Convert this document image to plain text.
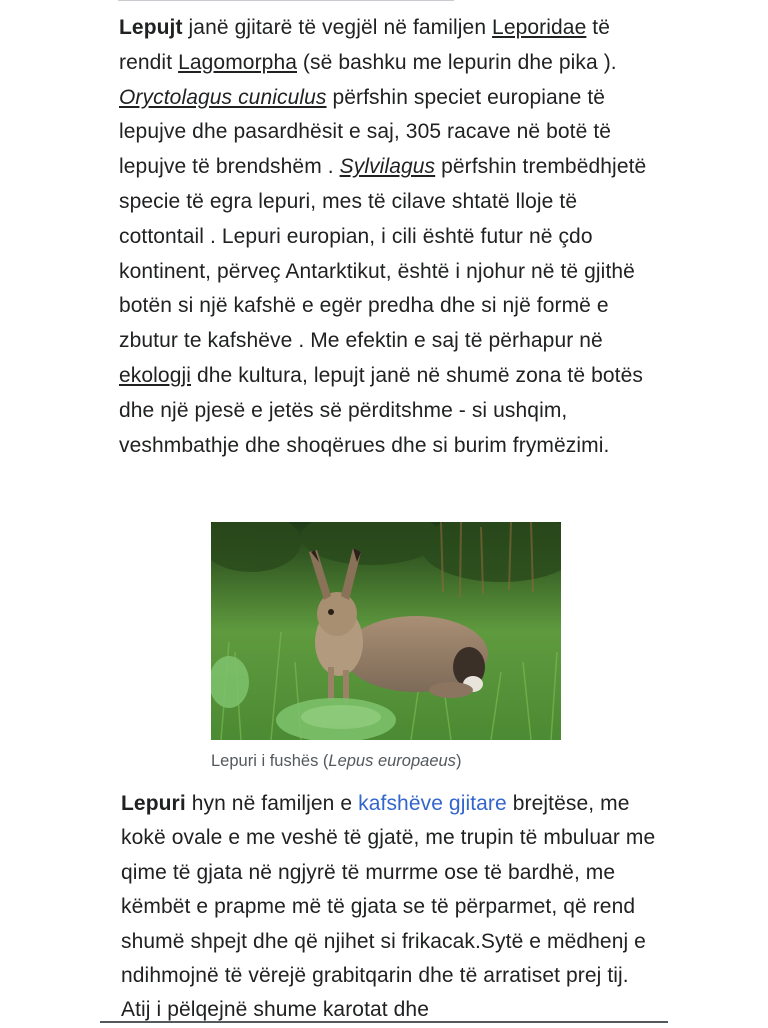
Lepujt janë gjitarë të vegjël në familjen Leporidae të rendit Lagomorpha (së bashku me lepurin dhe pika ). Oryctolagus cuniculus përfshin speciet europiane të lepujve dhe pasardhësit e saj, 305 racave në botë të lepujve të brendshëm . Sylvilagus përfshin trembëdhjetë specie të egra lepuri, mes të cilave shtatë lloje të cottontail . Lepuri europian, i cili është futur në çdo kontinent, përveç Antarktikut, është i njohur në të gjithë botën si një kafshë e egër predha dhe si një formë e zbutur te kafshëve . Me efektin e saj të përhapur në ekologji dhe kultura, lepujt janë në shumë zona të botës dhe një pjesë e jetës së përditshme - si ushqim, veshmbathje dhe shoqërues dhe si burim frymëzimi.

Lepuri i fushës (Lepus europaeus)

Lepuri hyn në familjen e kafshëve gjitare brejtëse, me kokë ovale e me veshë të gjatë, me trupin të mbuluar me qime të gjata në ngjyrë të murrme ose të bardhë, me këmbët e prapme më të gjata se të përparmet, që rend shumë shpejt dhe që njihet si frikacak.Sytë e mëdhenj e ndihmojnë të vërejë grabitqarin dhe të arratiset prej tij. Atij i pëlqejnë shume karotat dhe
